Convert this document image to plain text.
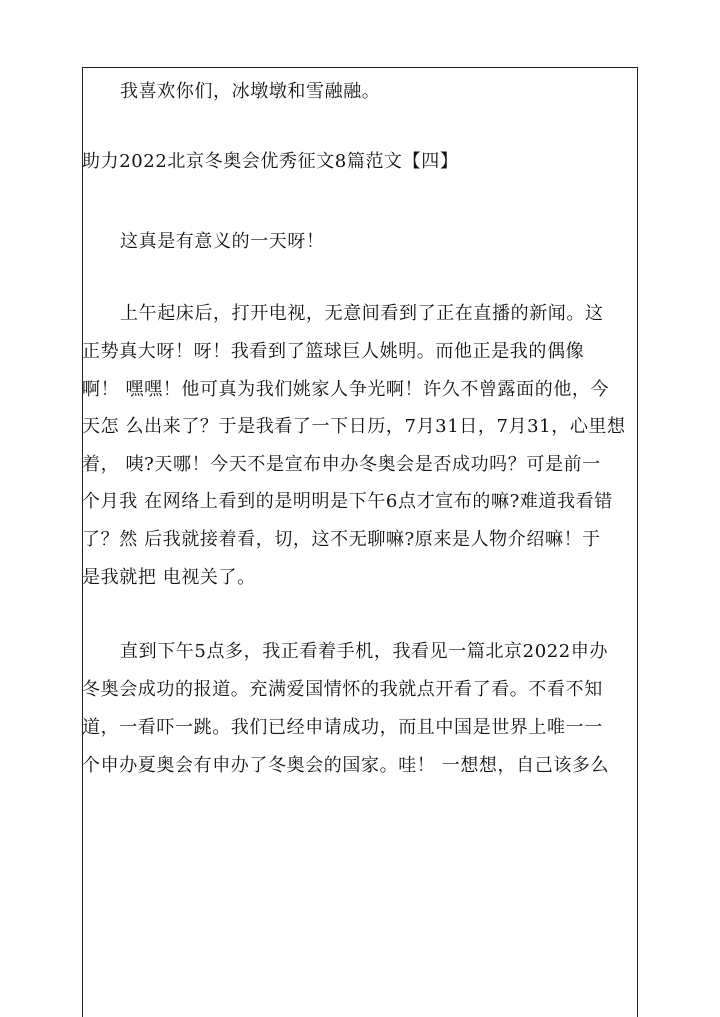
我喜欢你们，冰墩墩和雪融融。
助力2022北京冬奥会优秀征文8篇范文【四】
这真是有意义的一天呀！
上午起床后，打开电视，无意间看到了正在直播的新闻。这
正势真大呀！呀！我看到了篮球巨人姚明。而他正是我的偶像
啊！ 嘿嘿！他可真为我们姚家人争光啊！许久不曾露面的他，今
天怎 么出来了？于是我看了一下日历，7月31日，7月31，心里想
着， 咦?天哪！今天不是宣布申办冬奥会是否成功吗？可是前一
个月我 在网络上看到的是明明是下午6点才宣布的嘛?难道我看错
了？然 后我就接着看，切，这不无聊嘛?原来是人物介绍嘛！于
是我就把 电视关了。
直到下午5点多，我正看着手机，我看见一篇北京2022申办
冬奥会成功的报道。充满爱国情怀的我就点开看了看。不看不知
道，一看吓一跳。我们已经申请成功，而且中国是世界上唯一一
个申办夏奥会有申办了冬奥会的国家。哇！ 一想想，自己该多么
